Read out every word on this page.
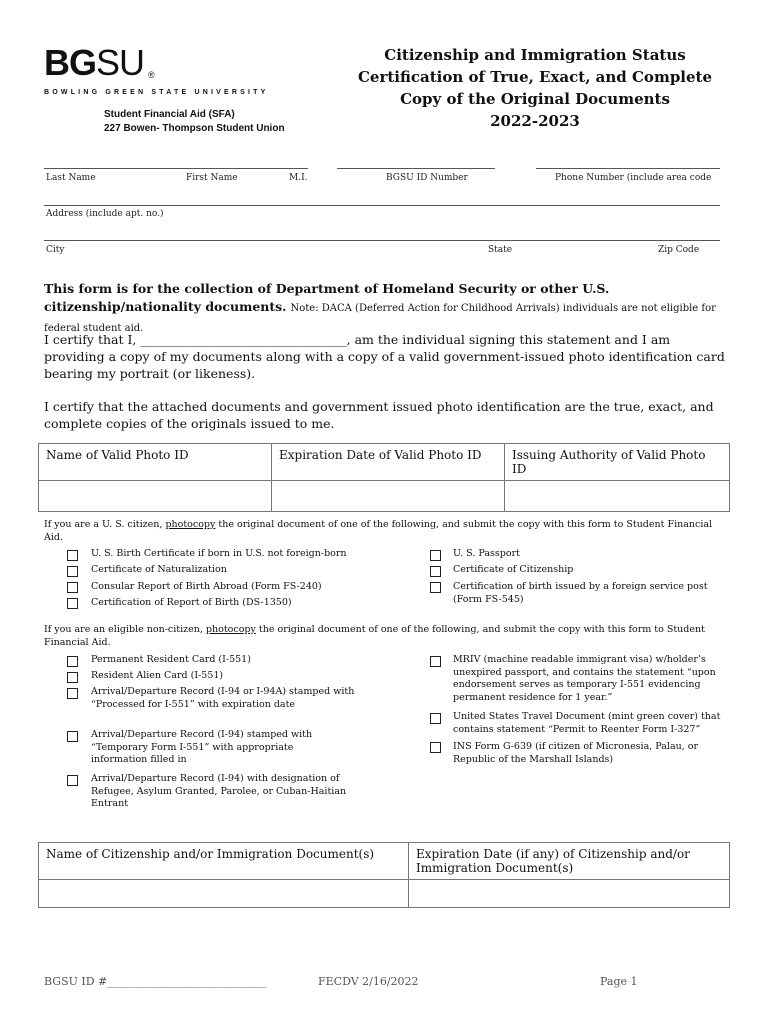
BGSU ®
BOWLING GREEN STATE UNIVERSITY
Student Financial Aid (SFA)
227 Bowen- Thompson Student Union
Citizenship and Immigration Status
Certification of True, Exact, and Complete
Copy of the Original Documents
2022-2023
Last Name	First Name	M.I.	BGSU ID Number	Phone Number (include area code
Address (include apt. no.)
City	State	Zip Code
This form is for the collection of Department of Homeland Security or other U.S. citizenship/nationality documents. Note: DACA (Deferred Action for Childhood Arrivals) individuals are not eligible for federal student aid.
I certify that I, _________________________________, am the individual signing this statement and I am providing a copy of my documents along with a copy of a valid government-issued photo identification card bearing my portrait (or likeness).
I certify that the attached documents and government issued photo identification are the true, exact, and complete copies of the originals issued to me.
Name of Valid Photo ID	Expiration Date of Valid Photo ID	Issuing Authority of Valid Photo ID

If you are a U. S. citizen, photocopy the original document of one of the following, and submit the copy with this form to Student Financial Aid.
U. S. Birth Certificate if born in U.S. not foreign-born
Certificate of Naturalization
Consular Report of Birth Abroad (Form FS-240)
Certification of Report of Birth (DS-1350)
U. S. Passport
Certificate of Citizenship
Certification of birth issued by a foreign service post (Form FS-545)
If you are an eligible non-citizen, photocopy the original document of one of the following, and submit the copy with this form to Student Financial Aid.
Permanent Resident Card (I-551)
Resident Alien Card (I-551)
Arrival/Departure Record (I-94 or I-94A) stamped with “Processed for I-551” with expiration date
Arrival/Departure Record (I-94) stamped with “Temporary Form I-551” with appropriate information filled in
Arrival/Departure Record (I-94) with designation of Refugee, Asylum Granted, Parolee, or Cuban-Haitian Entrant
MRIV (machine readable immigrant visa) w/holder’s unexpired passport, and contains the statement “upon endorsement serves as temporary I-551 evidencing permanent residence for 1 year.”
United States Travel Document (mint green cover) that contains statement “Permit to Reenter Form I-327”
INS Form G-639 (if citizen of Micronesia, Palau, or Republic of the Marshall Islands)
Name of Citizenship and/or Immigration Document(s)	Expiration Date (if any) of Citizenship and/or Immigration Document(s)

BGSU ID #_____________________________	FECDV 2/16/2022	Page 1
